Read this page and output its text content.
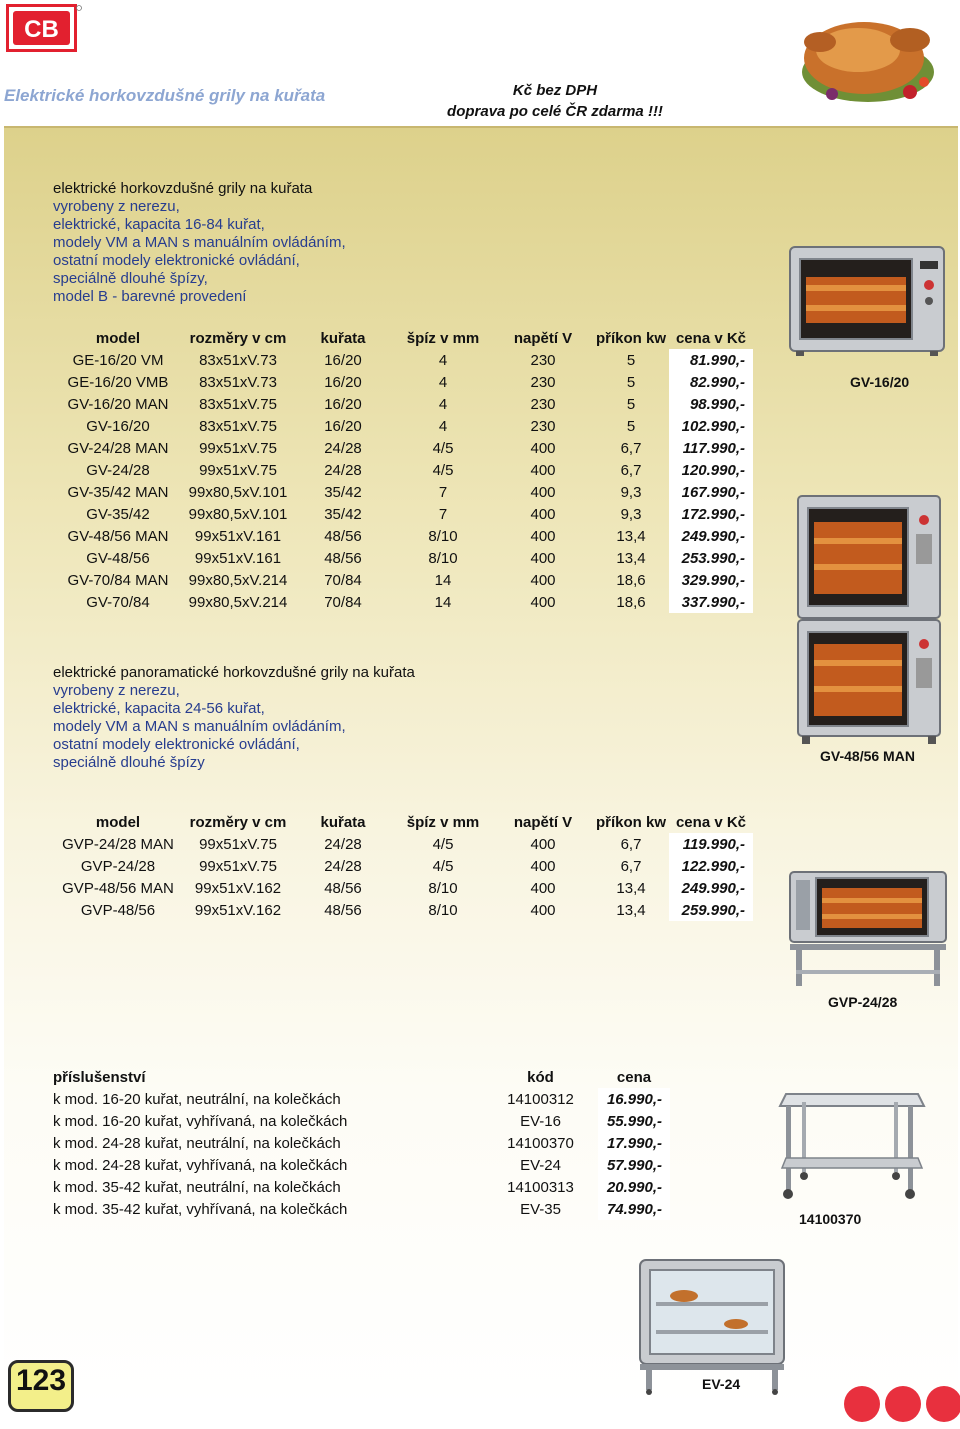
CB
Elektrické horkovzdušné grily na kuřata	Kč bez DPH
doprava po celé ČR zdarma !!!
elektrické horkovzdušné grily na kuřata
vyrobeny z nerezu,
elektrické, kapacita 16-84 kuřat,
modely VM a MAN s manuálním ovládáním,
ostatní modely elektronické ovládání,
speciálně dlouhé špízy,
model B - barevné provedení
model	rozměry v cm	kuřata	špíz v mm	napětí V	příkon kw	cena v Kč
GE-16/20 VM	83x51xV.73	16/20	4	230	5	81.990,-
GE-16/20 VMB	83x51xV.73	16/20	4	230	5	82.990,-
GV-16/20 MAN	83x51xV.75	16/20	4	230	5	98.990,-
GV-16/20	83x51xV.75	16/20	4	230	5	102.990,-
GV-24/28 MAN	99x51xV.75	24/28	4/5	400	6,7	117.990,-
GV-24/28	99x51xV.75	24/28	4/5	400	6,7	120.990,-
GV-35/42 MAN	99x80,5xV.101	35/42	7	400	9,3	167.990,-
GV-35/42	99x80,5xV.101	35/42	7	400	9,3	172.990,-
GV-48/56 MAN	99x51xV.161	48/56	8/10	400	13,4	249.990,-
GV-48/56	99x51xV.161	48/56	8/10	400	13,4	253.990,-
GV-70/84 MAN	99x80,5xV.214	70/84	14	400	18,6	329.990,-
GV-70/84	99x80,5xV.214	70/84	14	400	18,6	337.990,-
elektrické panoramatické horkovzdušné grily na kuřata
vyrobeny z nerezu,
elektrické, kapacita 24-56 kuřat,
modely VM a MAN s manuálním ovládáním,
ostatní modely elektronické ovládání,
speciálně dlouhé špízy
model	rozměry v cm	kuřata	špíz v mm	napětí V	příkon kw	cena v Kč
GVP-24/28 MAN	99x51xV.75	24/28	4/5	400	6,7	119.990,-
GVP-24/28	99x51xV.75	24/28	4/5	400	6,7	122.990,-
GVP-48/56 MAN	99x51xV.162	48/56	8/10	400	13,4	249.990,-
GVP-48/56	99x51xV.162	48/56	8/10	400	13,4	259.990,-
příslušenství	kód	cena
k mod. 16-20 kuřat, neutrální, na kolečkách	14100312	16.990,-
k mod. 16-20 kuřat, vyhřívaná, na kolečkách	EV-16	55.990,-
k mod. 24-28 kuřat, neutrální, na kolečkách	14100370	17.990,-
k mod. 24-28 kuřat, vyhřívaná, na kolečkách	EV-24	57.990,-
k mod. 35-42 kuřat, neutrální, na kolečkách	14100313	20.990,-
k mod. 35-42 kuřat, vyhřívaná, na kolečkách	EV-35	74.990,-
GV-16/20
GV-48/56 MAN
GVP-24/28
14100370
EV-24
123
